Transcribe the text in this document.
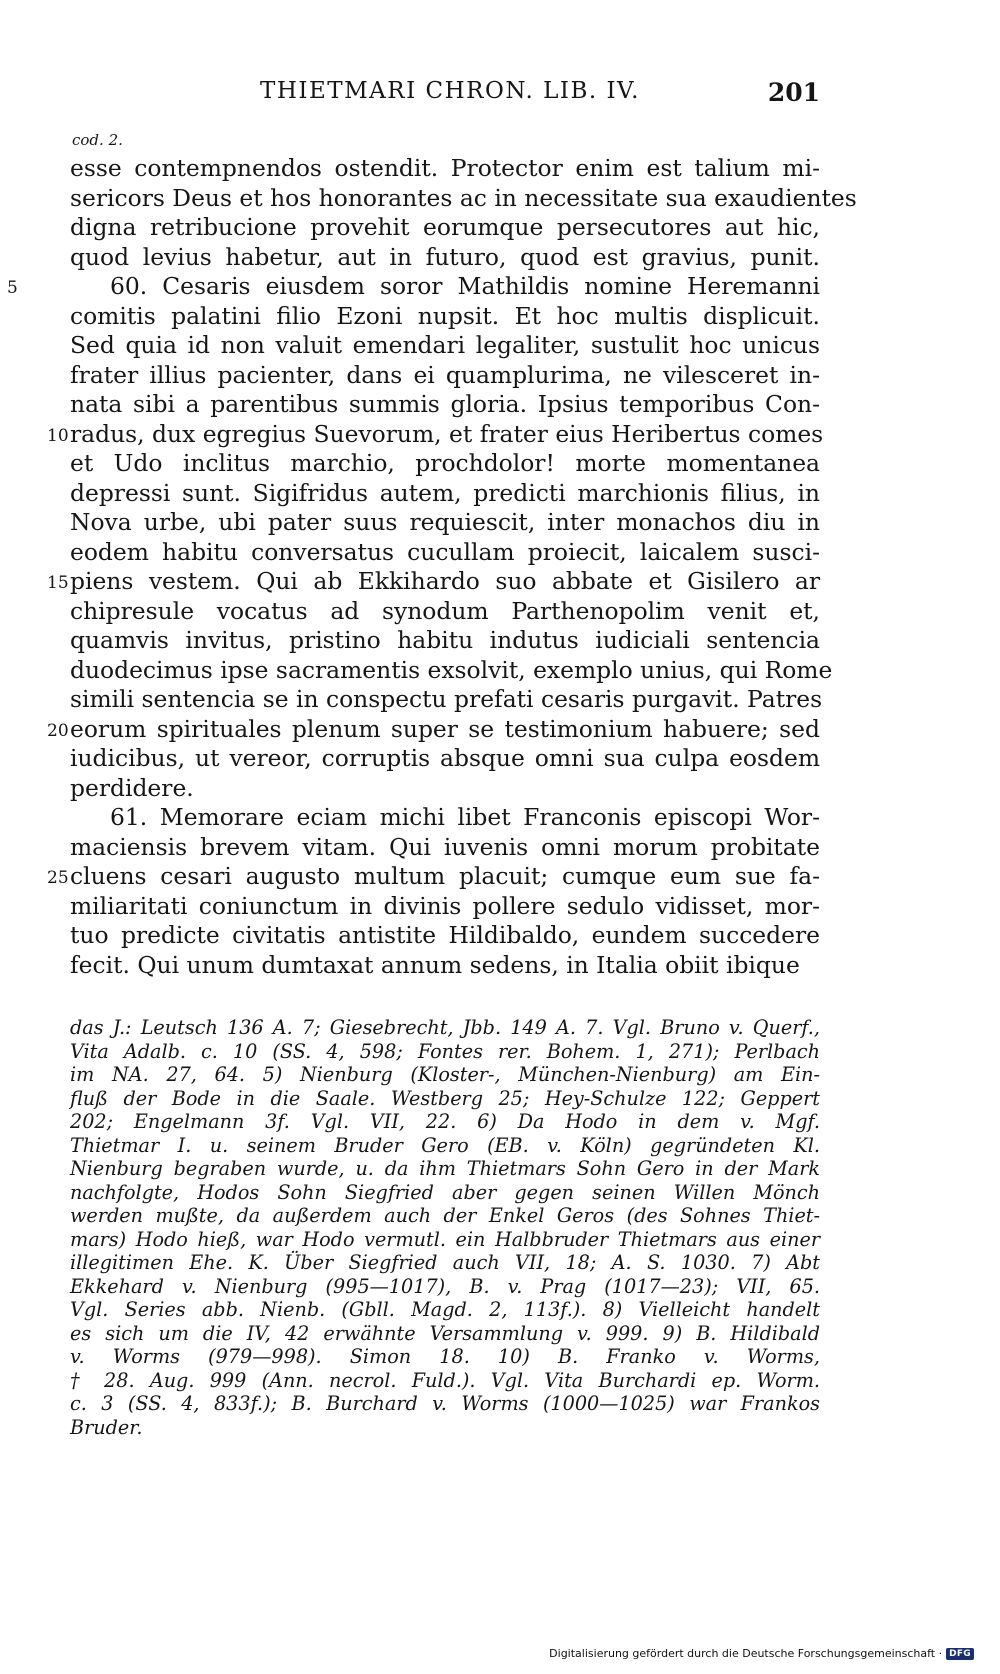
THIETMARI CHRON. LIB. IV.	201
cod. 2.
esse contempnendos ostendit. Protector enim est talium mi-
sericors Deus et hos honorantes ac in necessitate sua exaudientes
digna retribucione provehit eorumque persecutores aut hic,
quod levius habetur, aut in futuro, quod est gravius, punit.
5	60. Cesaris eiusdem soror Mathildis nomine Heremanni
comitis palatini filio Ezoni nupsit. Et hoc multis displicuit.
Sed quia id non valuit emendari legaliter, sustulit hoc unicus
frater illius pacienter, dans ei quamplurima, ne vilesceret in-
nata sibi a parentibus summis gloria. Ipsius temporibus Con-
10 radus, dux egregius Suevorum, et frater eius Heribertus comes
et Udo inclitus marchio, prochdolor! morte momentanea
depressi sunt. Sigifridus autem, predicti marchionis filius, in
Nova urbe, ubi pater suus requiescit, inter monachos diu in
eodem habitu conversatus cucullam proiecit, laicalem susci-
15 piens vestem. Qui ab Ekkihardo suo abbate et Gisilero ar
chipresule vocatus ad synodum Parthenopolim venit et,
quamvis invitus, pristino habitu indutus iudiciali sentencia
duodecimus ipse sacramentis exsolvit, exemplo unius, qui Rome
simili sentencia se in conspectu prefati cesaris purgavit. Patres
20 eorum spirituales plenum super se testimonium habuere; sed
iudicibus, ut vereor, corruptis absque omni sua culpa eosdem
perdidere.
61. Memorare eciam michi libet Franconis episcopi Wor-
maciensis brevem vitam. Qui iuvenis omni morum probitate
25 cluens cesari augusto multum placuit; cumque eum sue fa-
miliaritati coniunctum in divinis pollere sedulo vidisset, mor-
tuo predicte civitatis antistite Hildibaldo, eundem succedere
fecit. Qui unum dumtaxat annum sedens, in Italia obiit ibique
das J.: Leutsch 136 A. 7; Giesebrecht, Jbb. 149 A. 7. Vgl. Bruno v. Querf.,
Vita Adalb. c. 10 (SS. 4, 598; Fontes rer. Bohem. 1, 271); Perlbach
im NA. 27, 64. 5) Nienburg (Kloster-, München-Nienburg) am Ein-
fluß der Bode in die Saale. Westberg 25; Hey-Schulze 122; Geppert
202; Engelmann 3f. Vgl. VII, 22. 6) Da Hodo in dem v. Mgf.
Thietmar I. u. seinem Bruder Gero (EB. v. Köln) gegründeten Kl.
Nienburg begraben wurde, u. da ihm Thietmars Sohn Gero in der Mark
nachfolgte, Hodos Sohn Siegfried aber gegen seinen Willen Mönch
werden mußte, da außerdem auch der Enkel Geros (des Sohnes Thiet-
mars) Hodo hieß, war Hodo vermutl. ein Halbbruder Thietmars aus einer
illegitimen Ehe. K. Über Siegfried auch VII, 18; A. S. 1030. 7) Abt
Ekkehard v. Nienburg (995—1017), B. v. Prag (1017—23); VII, 65.
Vgl. Series abb. Nienb. (Gbll. Magd. 2, 113f.). 8) Vielleicht handelt
es sich um die IV, 42 erwähnte Versammlung v. 999. 9) B. Hildibald
v. Worms (979—998). Simon 18. 10) B. Franko v. Worms,
† 28. Aug. 999 (Ann. necrol. Fuld.). Vgl. Vita Burchardi ep. Worm.
c. 3 (SS. 4, 833f.); B. Burchard v. Worms (1000—1025) war Frankos
Bruder.
Digitalisierung gefördert durch die Deutsche Forschungsgemeinschaft · DFG
